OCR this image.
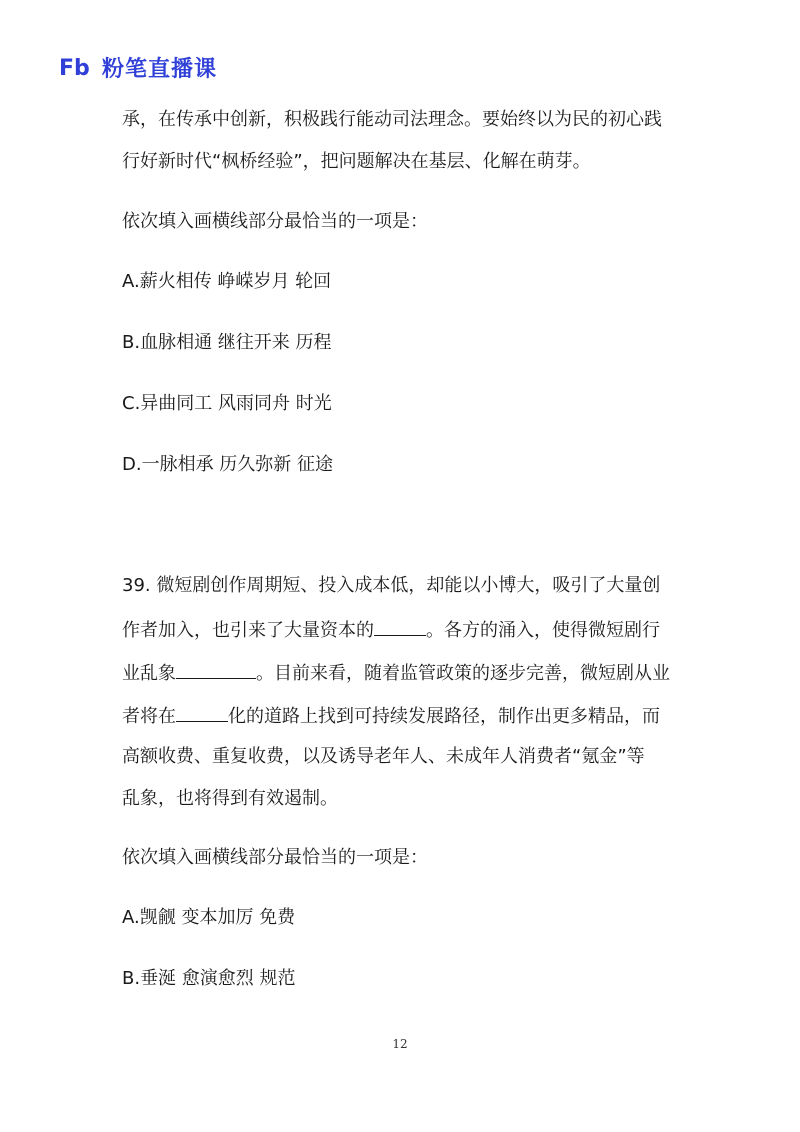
Fb 粉笔直播课
承，在传承中创新，积极践行能动司法理念。要始终以为民的初心践
行好新时代“枫桥经验”，把问题解决在基层、化解在萌芽。
依次填入画横线部分最恰当的一项是：
A.薪火相传 峥嵘岁月 轮回
B.血脉相通 继往开来 历程
C.异曲同工 风雨同舟 时光
D.一脉相承 历久弥新 征途
39. 微短剧创作周期短、投入成本低，却能以小博大，吸引了大量创
作者加入，也引来了大量资本的	。各方的涌入，使得微短剧行
业乱象	。目前来看，随着监管政策的逐步完善，微短剧从业
者将在	化的道路上找到可持续发展路径，制作出更多精品，而
高额收费、重复收费，以及诱导老年人、未成年人消费者“氪金”等
乱象，也将得到有效遏制。
依次填入画横线部分最恰当的一项是：
A.觊觎 变本加厉 免费
B.垂涎 愈演愈烈 规范
12
